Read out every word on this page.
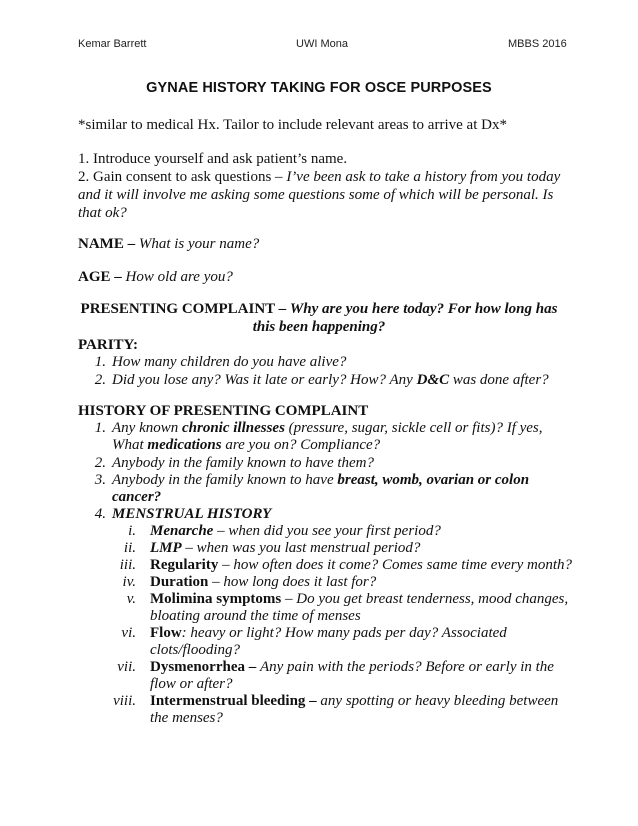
Kemar Barrett	UWI Mona	MBBS 2016
GYNAE HISTORY TAKING FOR OSCE PURPOSES
*similar to medical Hx. Tailor to include relevant areas to arrive at Dx*
1. Introduce yourself and ask patient’s name.
2. Gain consent to ask questions – I’ve been ask to take a history from you today
and it will involve me asking some questions some of which will be personal. Is
that ok?
NAME – What is your name?
AGE – How old are you?
PRESENTING COMPLAINT – Why are you here today? For how long has
this been happening?
PARITY:
1. How many children do you have alive?
2. Did you lose any? Was it late or early? How? Any D&C was done after?
HISTORY OF PRESENTING COMPLAINT
1. Any known chronic illnesses (pressure, sugar, sickle cell or fits)? If yes,
What medications are you on? Compliance?
2. Anybody in the family known to have them?
3. Anybody in the family known to have breast, womb, ovarian or colon
cancer?
4. MENSTRUAL HISTORY
i. Menarche – when did you see your first period?
ii. LMP – when was you last menstrual period?
iii. Regularity – how often does it come? Comes same time every month?
iv. Duration – how long does it last for?
v. Molimina symptoms – Do you get breast tenderness, mood changes,
bloating around the time of menses
vi. Flow: heavy or light? How many pads per day? Associated
clots/flooding?
vii. Dysmenorrhea – Any pain with the periods? Before or early in the
flow or after?
viii. Intermenstrual bleeding – any spotting or heavy bleeding between
the menses?
